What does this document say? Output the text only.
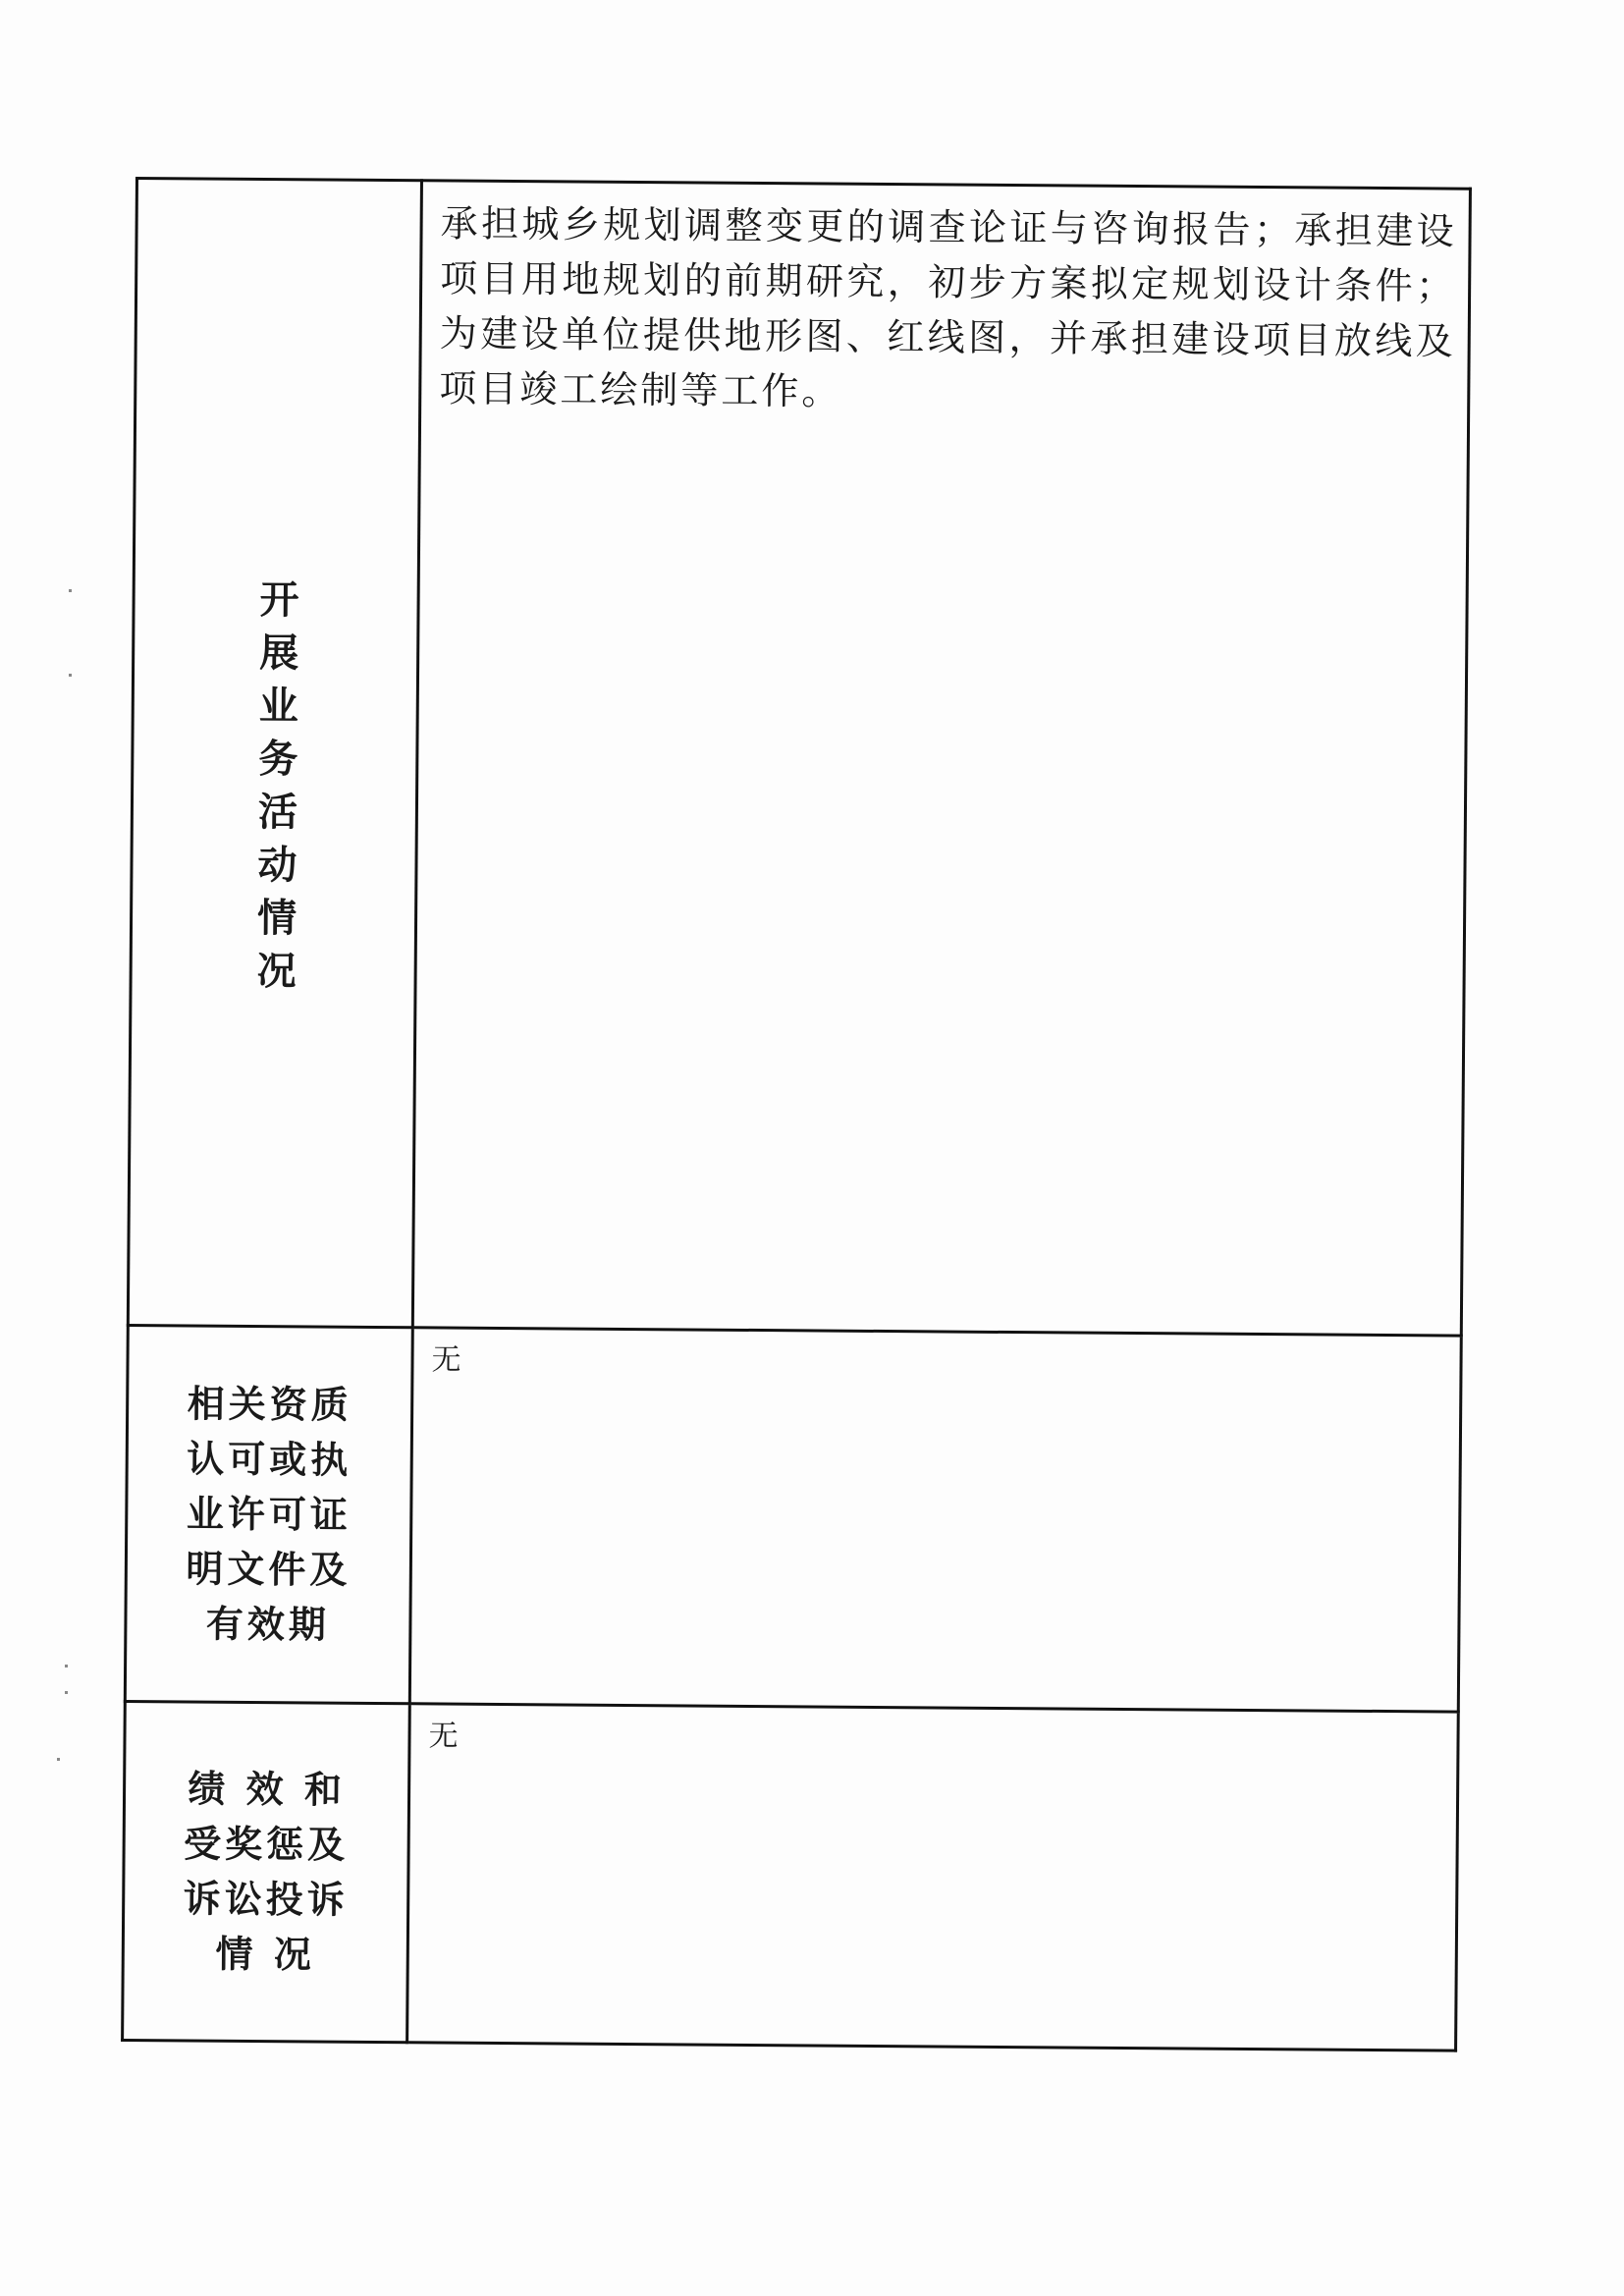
开展业务活动情况	承担城乡规划调整变更的调查论证与咨询报告；承担建设项目用地规划的前期研究，初步方案拟定规划设计条件；为建设单位提供地形图、红线图，并承担建设项目放线及项目竣工绘制等工作。

相关资质
认可或执
业许可证
明文件及
有效期	无

绩 效 和
受奖惩及
诉讼投诉
情 况	无
